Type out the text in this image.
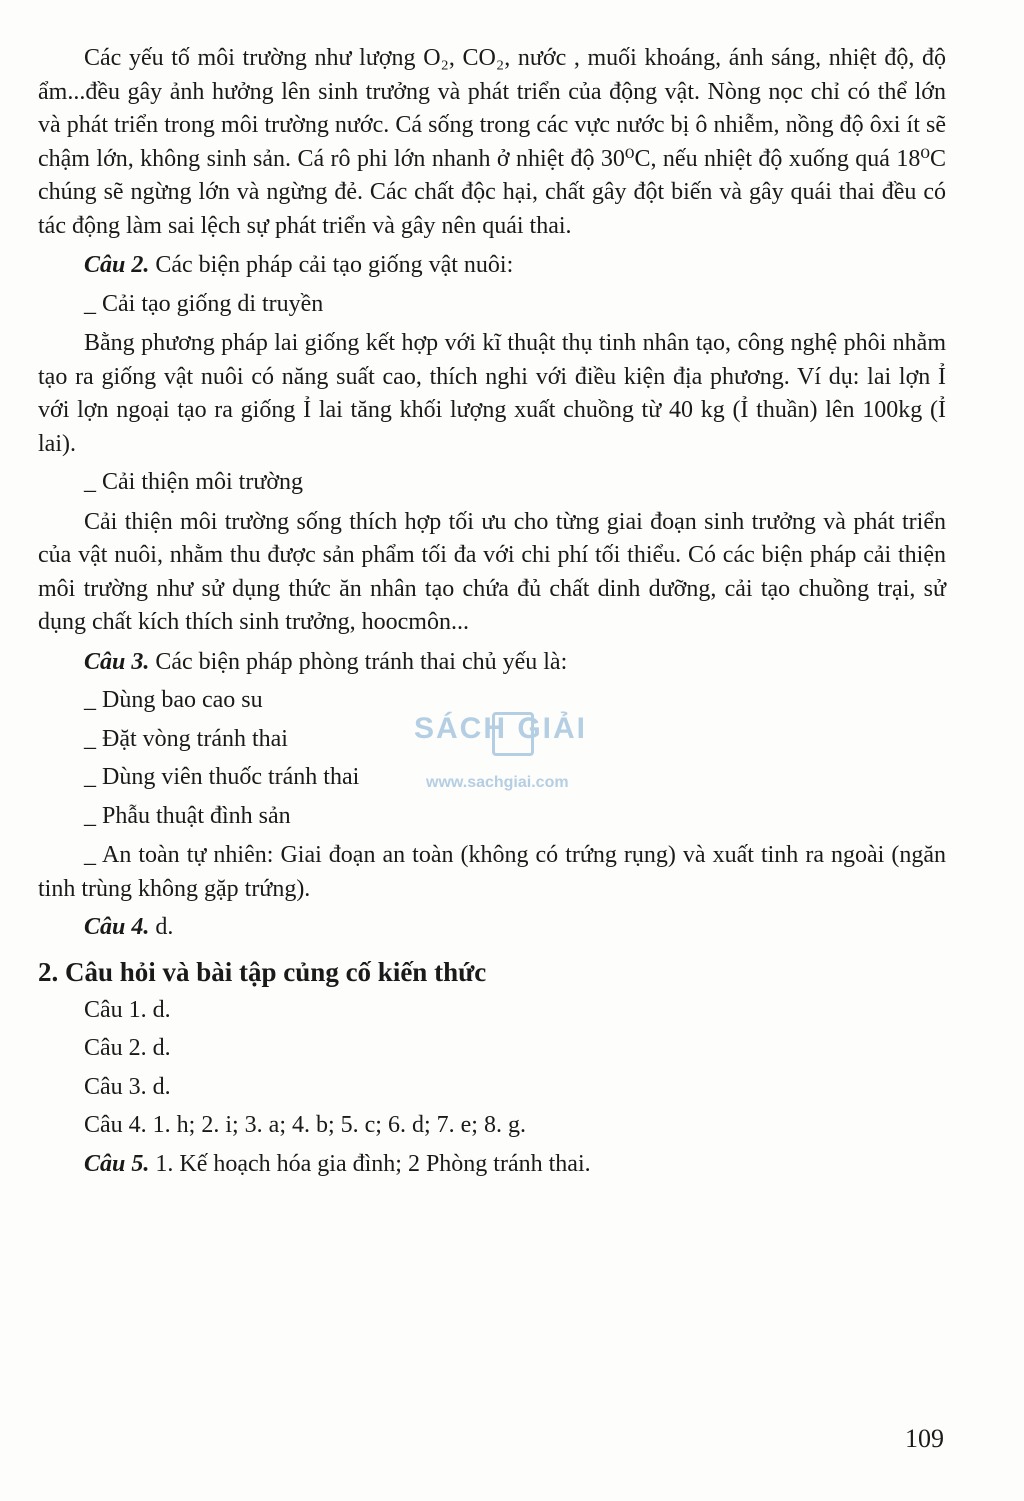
Các yếu tố môi trường như lượng O₂, CO₂, nước , muối khoáng, ánh sáng, nhiệt độ, độ ẩm...đều gây ảnh hưởng lên sinh trưởng và phát triển của động vật. Nòng nọc chỉ có thể lớn và phát triển trong môi trường nước. Cá sống trong các vực nước bị ô nhiễm, nồng độ ôxi ít sẽ chậm lớn, không sinh sản. Cá rô phi lớn nhanh ở nhiệt độ 30⁰C, nếu nhiệt độ xuống quá 18⁰C chúng sẽ ngừng lớn và ngừng đẻ. Các chất độc hại, chất gây đột biến và gây quái thai đều có tác động làm sai lệch sự phát triển và gây nên quái thai.

Câu 2. Các biện pháp cải tạo giống vật nuôi:

_ Cải tạo giống di truyền

Bằng phương pháp lai giống kết hợp với kĩ thuật thụ tinh nhân tạo, công nghệ phôi nhằm tạo ra giống vật nuôi có năng suất cao, thích nghi với điều kiện địa phương. Ví dụ: lai lợn Ỉ với lợn ngoại tạo ra giống Ỉ lai tăng khối lượng xuất chuồng từ 40 kg (Ỉ thuần) lên 100kg (Ỉ lai).

_ Cải thiện môi trường

Cải thiện môi trường sống thích hợp tối ưu cho từng giai đoạn sinh trưởng và phát triển của vật nuôi, nhằm thu được sản phẩm tối đa với chi phí tối thiểu. Có các biện pháp cải thiện môi trường như sử dụng thức ăn nhân tạo chứa đủ chất dinh dưỡng, cải tạo chuồng trại, sử dụng chất kích thích sinh trưởng, hoocmôn...

Câu 3. Các biện pháp phòng tránh thai chủ yếu là:

_ Dùng bao cao su

_ Đặt vòng tránh thai

_ Dùng viên thuốc tránh thai

_ Phẫu thuật đình sản

_ An toàn tự nhiên: Giai đoạn an toàn (không có trứng rụng) và xuất tinh ra ngoài (ngăn tinh trùng không gặp trứng).

Câu 4. d.

2. Câu hỏi và bài tập củng cố kiến thức

Câu 1. d.

Câu 2. d.

Câu 3. d.

Câu 4. 1. h; 2. i; 3. a; 4. b; 5. c; 6. d; 7. e; 8. g.

Câu 5. 1. Kế hoạch hóa gia đình; 2 Phòng tránh thai.

SÁCH GIẢI
www.sachgiai.com
109
